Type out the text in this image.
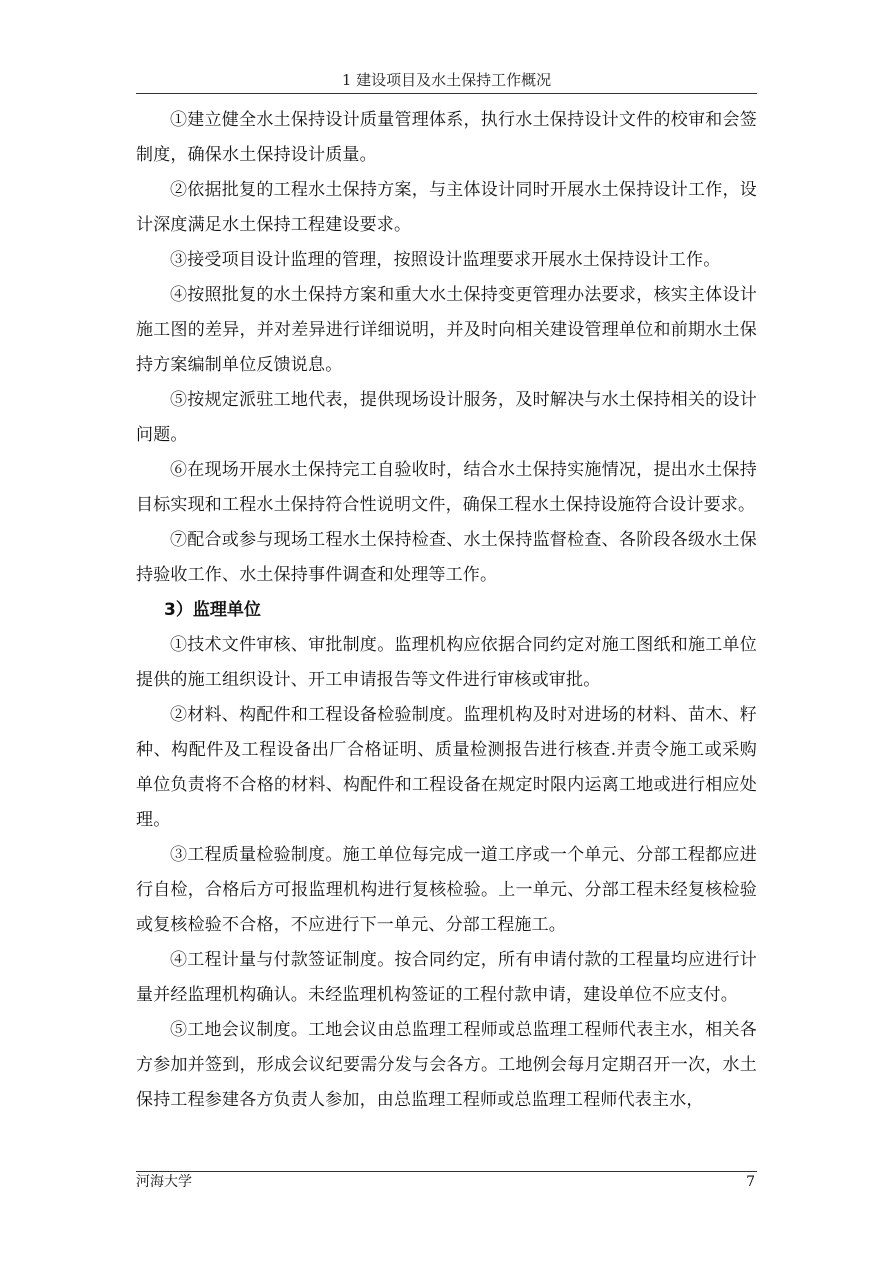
1 建设项目及水土保持工作概况

①建立健全水土保持设计质量管理体系，执行水土保持设计文件的校审和会签制度，确保水土保持设计质量。

②依据批复的工程水土保持方案，与主体设计同时开展水土保持设计工作，设计深度满足水土保持工程建设要求。

③接受项目设计监理的管理，按照设计监理要求开展水土保持设计工作。

④按照批复的水土保持方案和重大水土保持变更管理办法要求，核实主体设计施工图的差异，并对差异进行详细说明，并及时向相关建设管理单位和前期水土保持方案编制单位反馈说息。

⑤按规定派驻工地代表，提供现场设计服务，及时解决与水土保持相关的设计问题。

⑥在现场开展水土保持完工自验收时，结合水土保持实施情况，提出水土保持目标实现和工程水土保持符合性说明文件，确保工程水土保持设施符合设计要求。

⑦配合或参与现场工程水土保持检查、水土保持监督检查、各阶段各级水土保持验收工作、水土保持事件调查和处理等工作。

3）监理单位

①技术文件审核、审批制度。监理机构应依据合同约定对施工图纸和施工单位提供的施工组织设计、开工申请报告等文件进行审核或审批。

②材料、构配件和工程设备检验制度。监理机构及时对进场的材料、苗木、籽种、构配件及工程设备出厂合格证明、质量检测报告进行核查.并责令施工或采购单位负责将不合格的材料、构配件和工程设备在规定时限内运离工地或进行相应处理。

③工程质量检验制度。施工单位每完成一道工序或一个单元、分部工程都应进行自检，合格后方可报监理机构进行复核检验。上一单元、分部工程未经复核检验或复核检验不合格，不应进行下一单元、分部工程施工。

④工程计量与付款签证制度。按合同约定，所有申请付款的工程量均应进行计量并经监理机构确认。未经监理机构签证的工程付款申请，建设单位不应支付。

⑤工地会议制度。工地会议由总监理工程师或总监理工程师代表主水，相关各方参加并签到，形成会议纪要需分发与会各方。工地例会每月定期召开一次，水土保持工程参建各方负责人参加，由总监理工程师或总监理工程师代表主水，

河海大学	7
